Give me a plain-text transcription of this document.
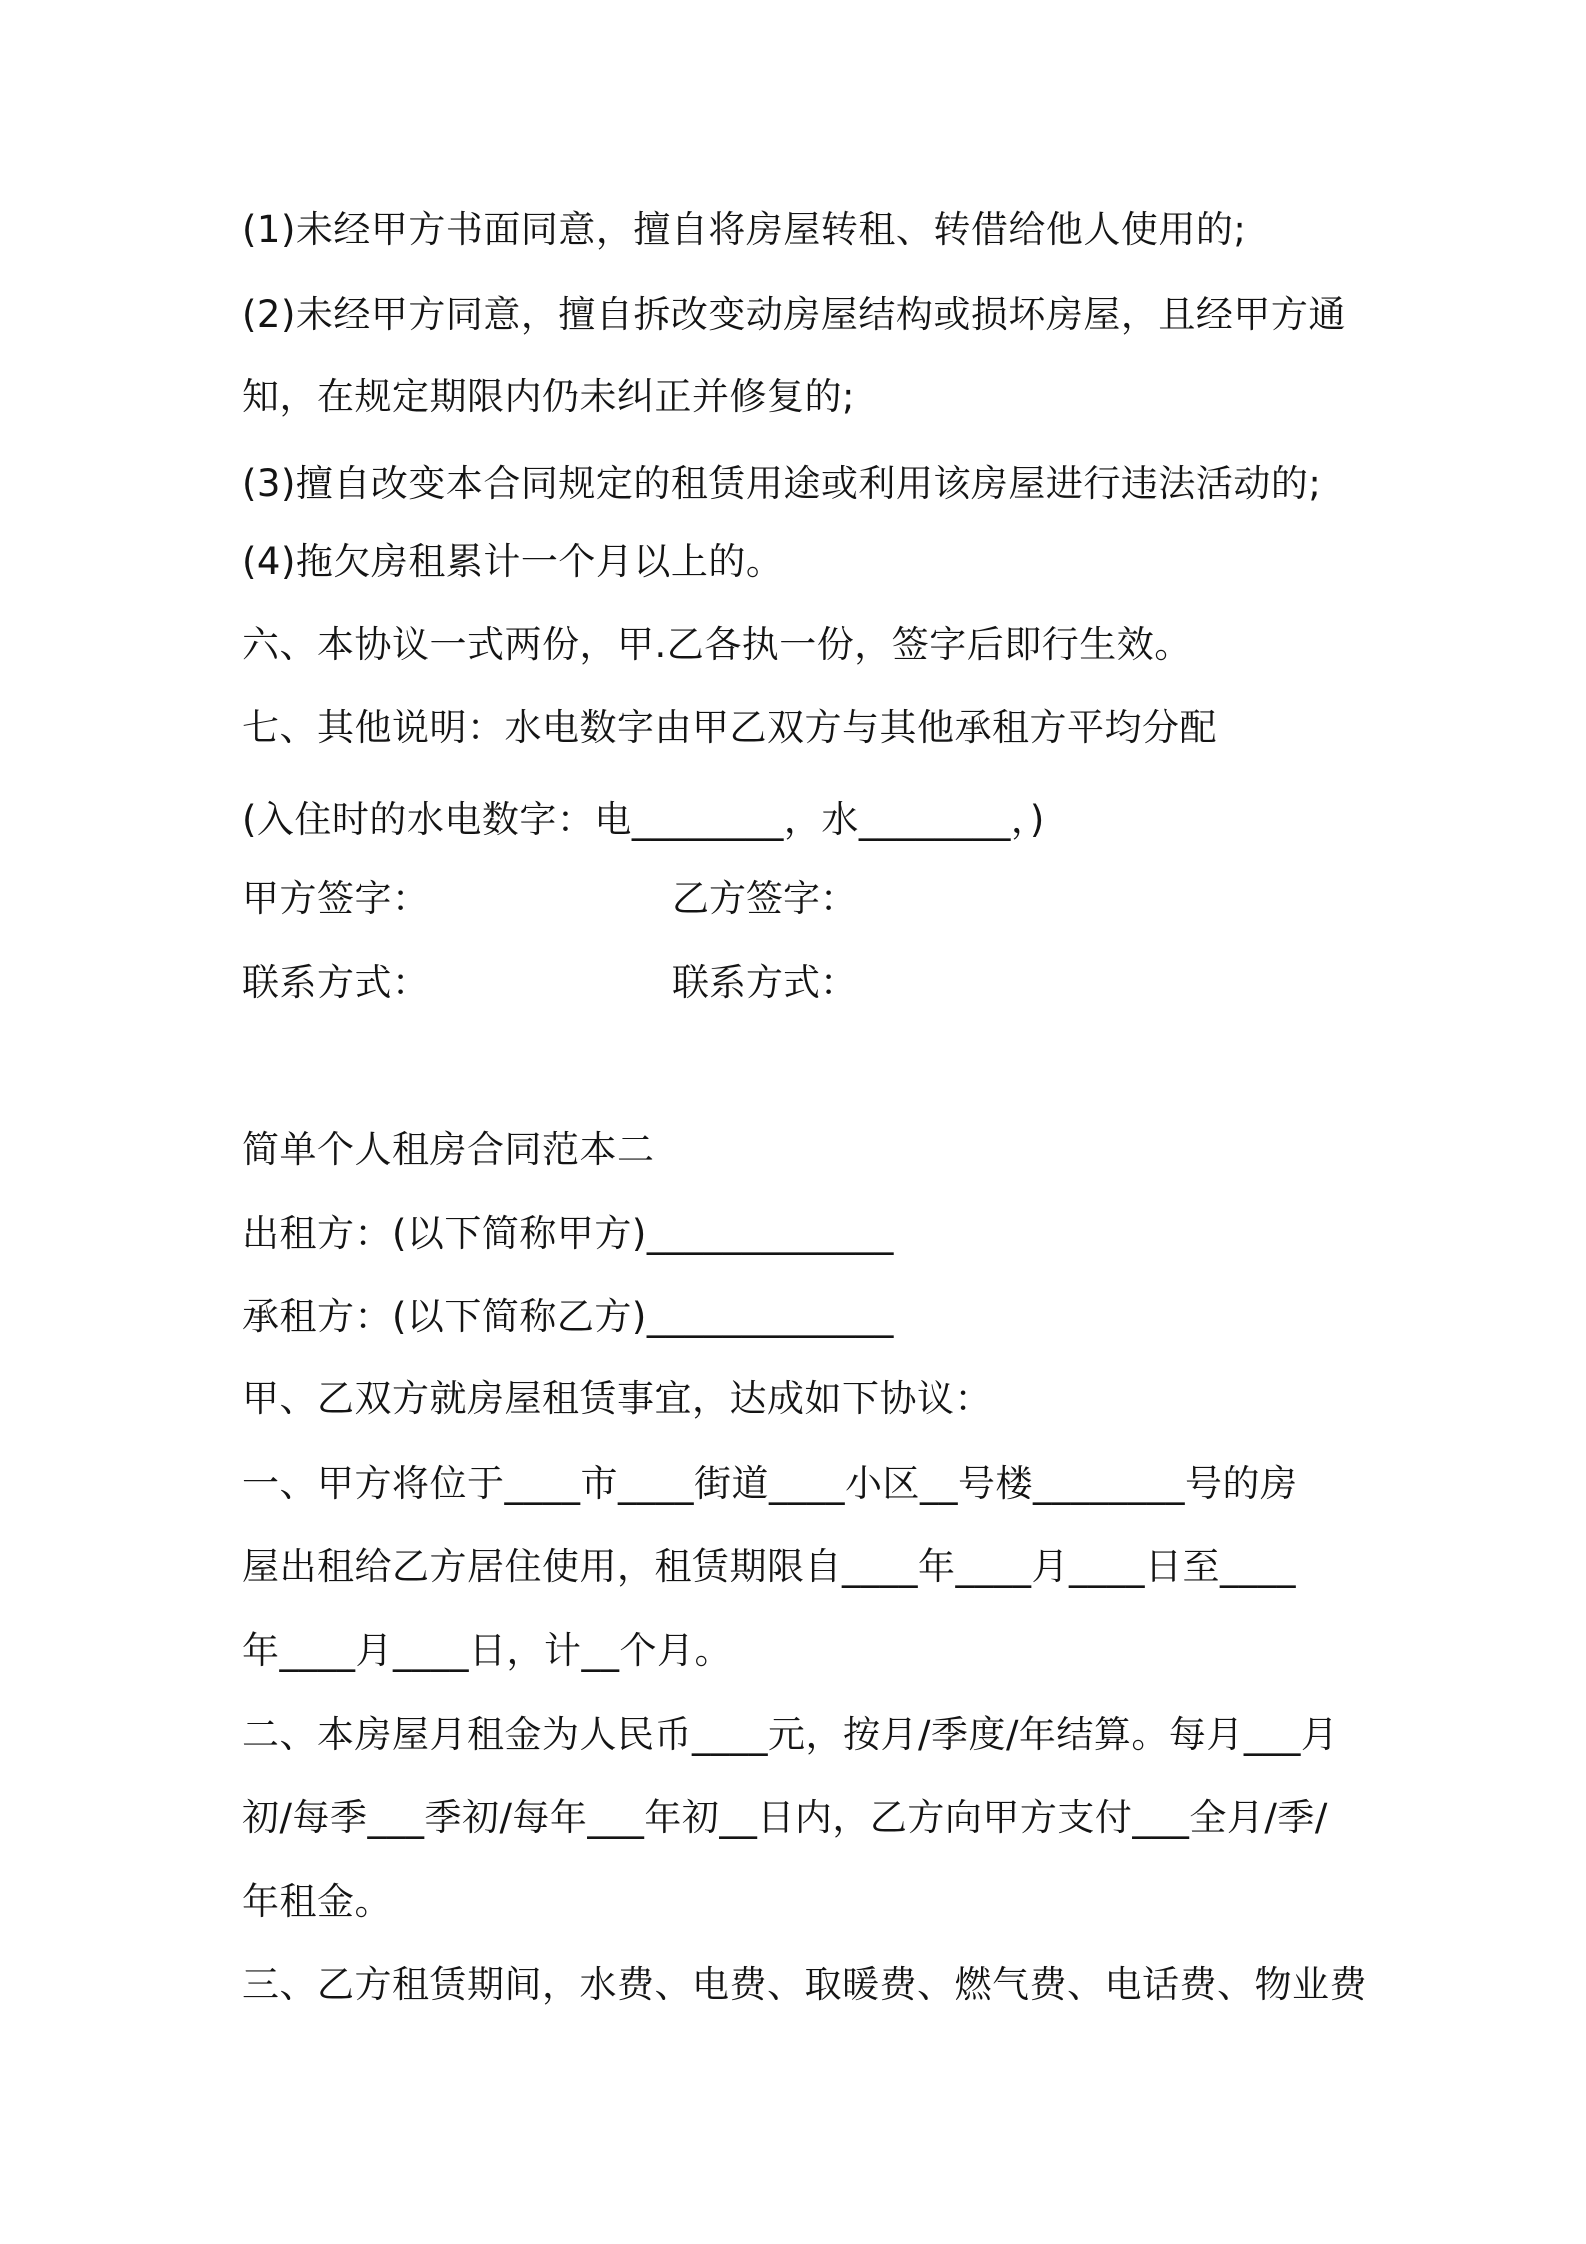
(1)未经甲方书面同意，擅自将房屋转租、转借给他人使用的;
(2)未经甲方同意，擅自拆改变动房屋结构或损坏房屋，且经甲方通
知，在规定期限内仍未纠正并修复的;
(3)擅自改变本合同规定的租赁用途或利用该房屋进行违法活动的;
(4)拖欠房租累计一个月以上的。
六、本协议一式两份，甲.乙各执一份，签字后即行生效。
七、其他说明：水电数字由甲乙双方与其他承租方平均分配
(入住时的水电数字：电________，水________，)
甲方签字：	乙方签字：
联系方式：	联系方式：
简单个人租房合同范本二
出租方：(以下简称甲方)_____________
承租方：(以下简称乙方)_____________
甲、乙双方就房屋租赁事宜，达成如下协议：
一、甲方将位于____市____街道____小区__号楼________号的房
屋出租给乙方居住使用，租赁期限自____年____月____日至____
年____月____日，计__个月。
二、本房屋月租金为人民币____元，按月/季度/年结算。每月___月
初/每季___季初/每年___年初__日内，乙方向甲方支付___全月/季/
年租金。
三、乙方租赁期间，水费、电费、取暖费、燃气费、电话费、物业费
